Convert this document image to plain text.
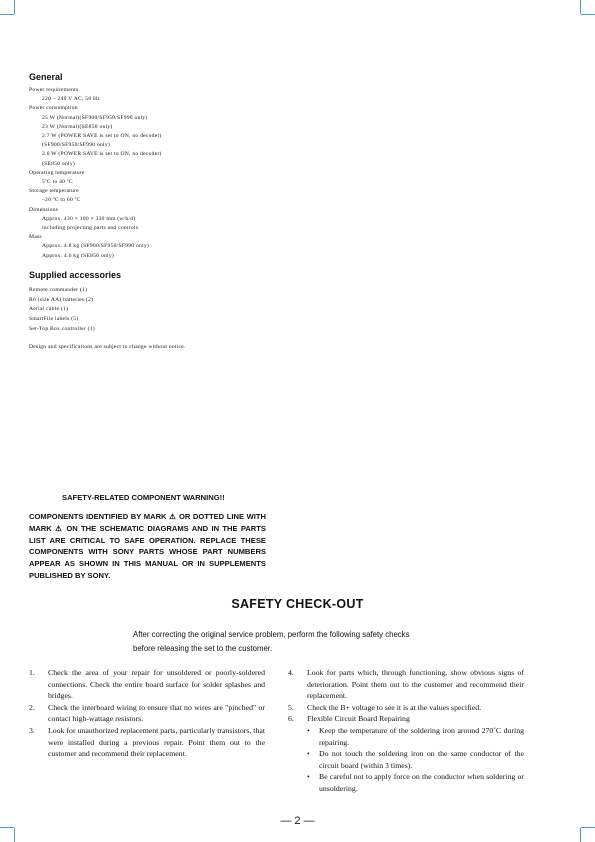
General
Power requirements
220 – 240 V AC, 50 Hz
Power consumption
25 W (Normal)(SF900/SF950/SF990 only)
23 W (Normal)(SE850 only)
2.7 W (POWER SAVE is set to ON, no decoder)
(SF900/SF950/SF990 only)
2.0 W (POWER SAVE is set to ON, no decoder)
(SE850 only)
Operating temperature
5ºC to 40 ºC
Storage temperature
–20 ºC to 60 ºC
Dimensions
Approx. 430 × 100 × 330 mm (w/h/d)
including projecting parts and controls
Mass
Approx. 4.8 kg (SF900/SF950/SF990 only)
Approx. 4.6 kg (SE850 only)
Supplied accessories
Remote commander (1)
R6 (size AA) batteries (2)
Aerial cable (1)
SmartFile labels (5)
Set-Top Box controller (1)

Design and specifications are subject to change without notice.

SAFETY-RELATED COMPONENT WARNING!!

COMPONENTS IDENTIFIED BY MARK ⚠ OR DOTTED LINE WITH MARK ⚠ ON THE SCHEMATIC DIAGRAMS AND IN THE PARTS LIST ARE CRITICAL TO SAFE OPERATION. REPLACE THESE COMPONENTS WITH SONY PARTS WHOSE PART NUMBERS APPEAR AS SHOWN IN THIS MANUAL OR IN SUPPLEMENTS PUBLISHED BY SONY.

SAFETY CHECK-OUT

After correcting the original service problem, perform the following safety checks before releasing the set to the customer.

1. Check the area of your repair for unsoldered or poorly-soldered connections. Check the entire board surface for solder splashes and bridges.
2. Check the interboard wiring to ensure that no wires are "pinched" or contact high-wattage resistors.
3. Look for unauthorized replacement parts, particularly transistors, that were installed during a previous repair. Point them out to the customer and recommend their replacement.
4. Look for parts which, through functioning, show obvious signs of deterioration. Point them out to the customer and recommend their replacement.
5. Check the B+ voltage to see it is at the values specified.
6. Flexible Circuit Board Repairing
• Keep the temperature of the soldering iron around 270˚C during repairing.
• Do not touch the soldering iron on the same conductor of the circuit board (within 3 times).
• Be careful not to apply force on the conductor when soldering or unsoldering.

— 2 —
